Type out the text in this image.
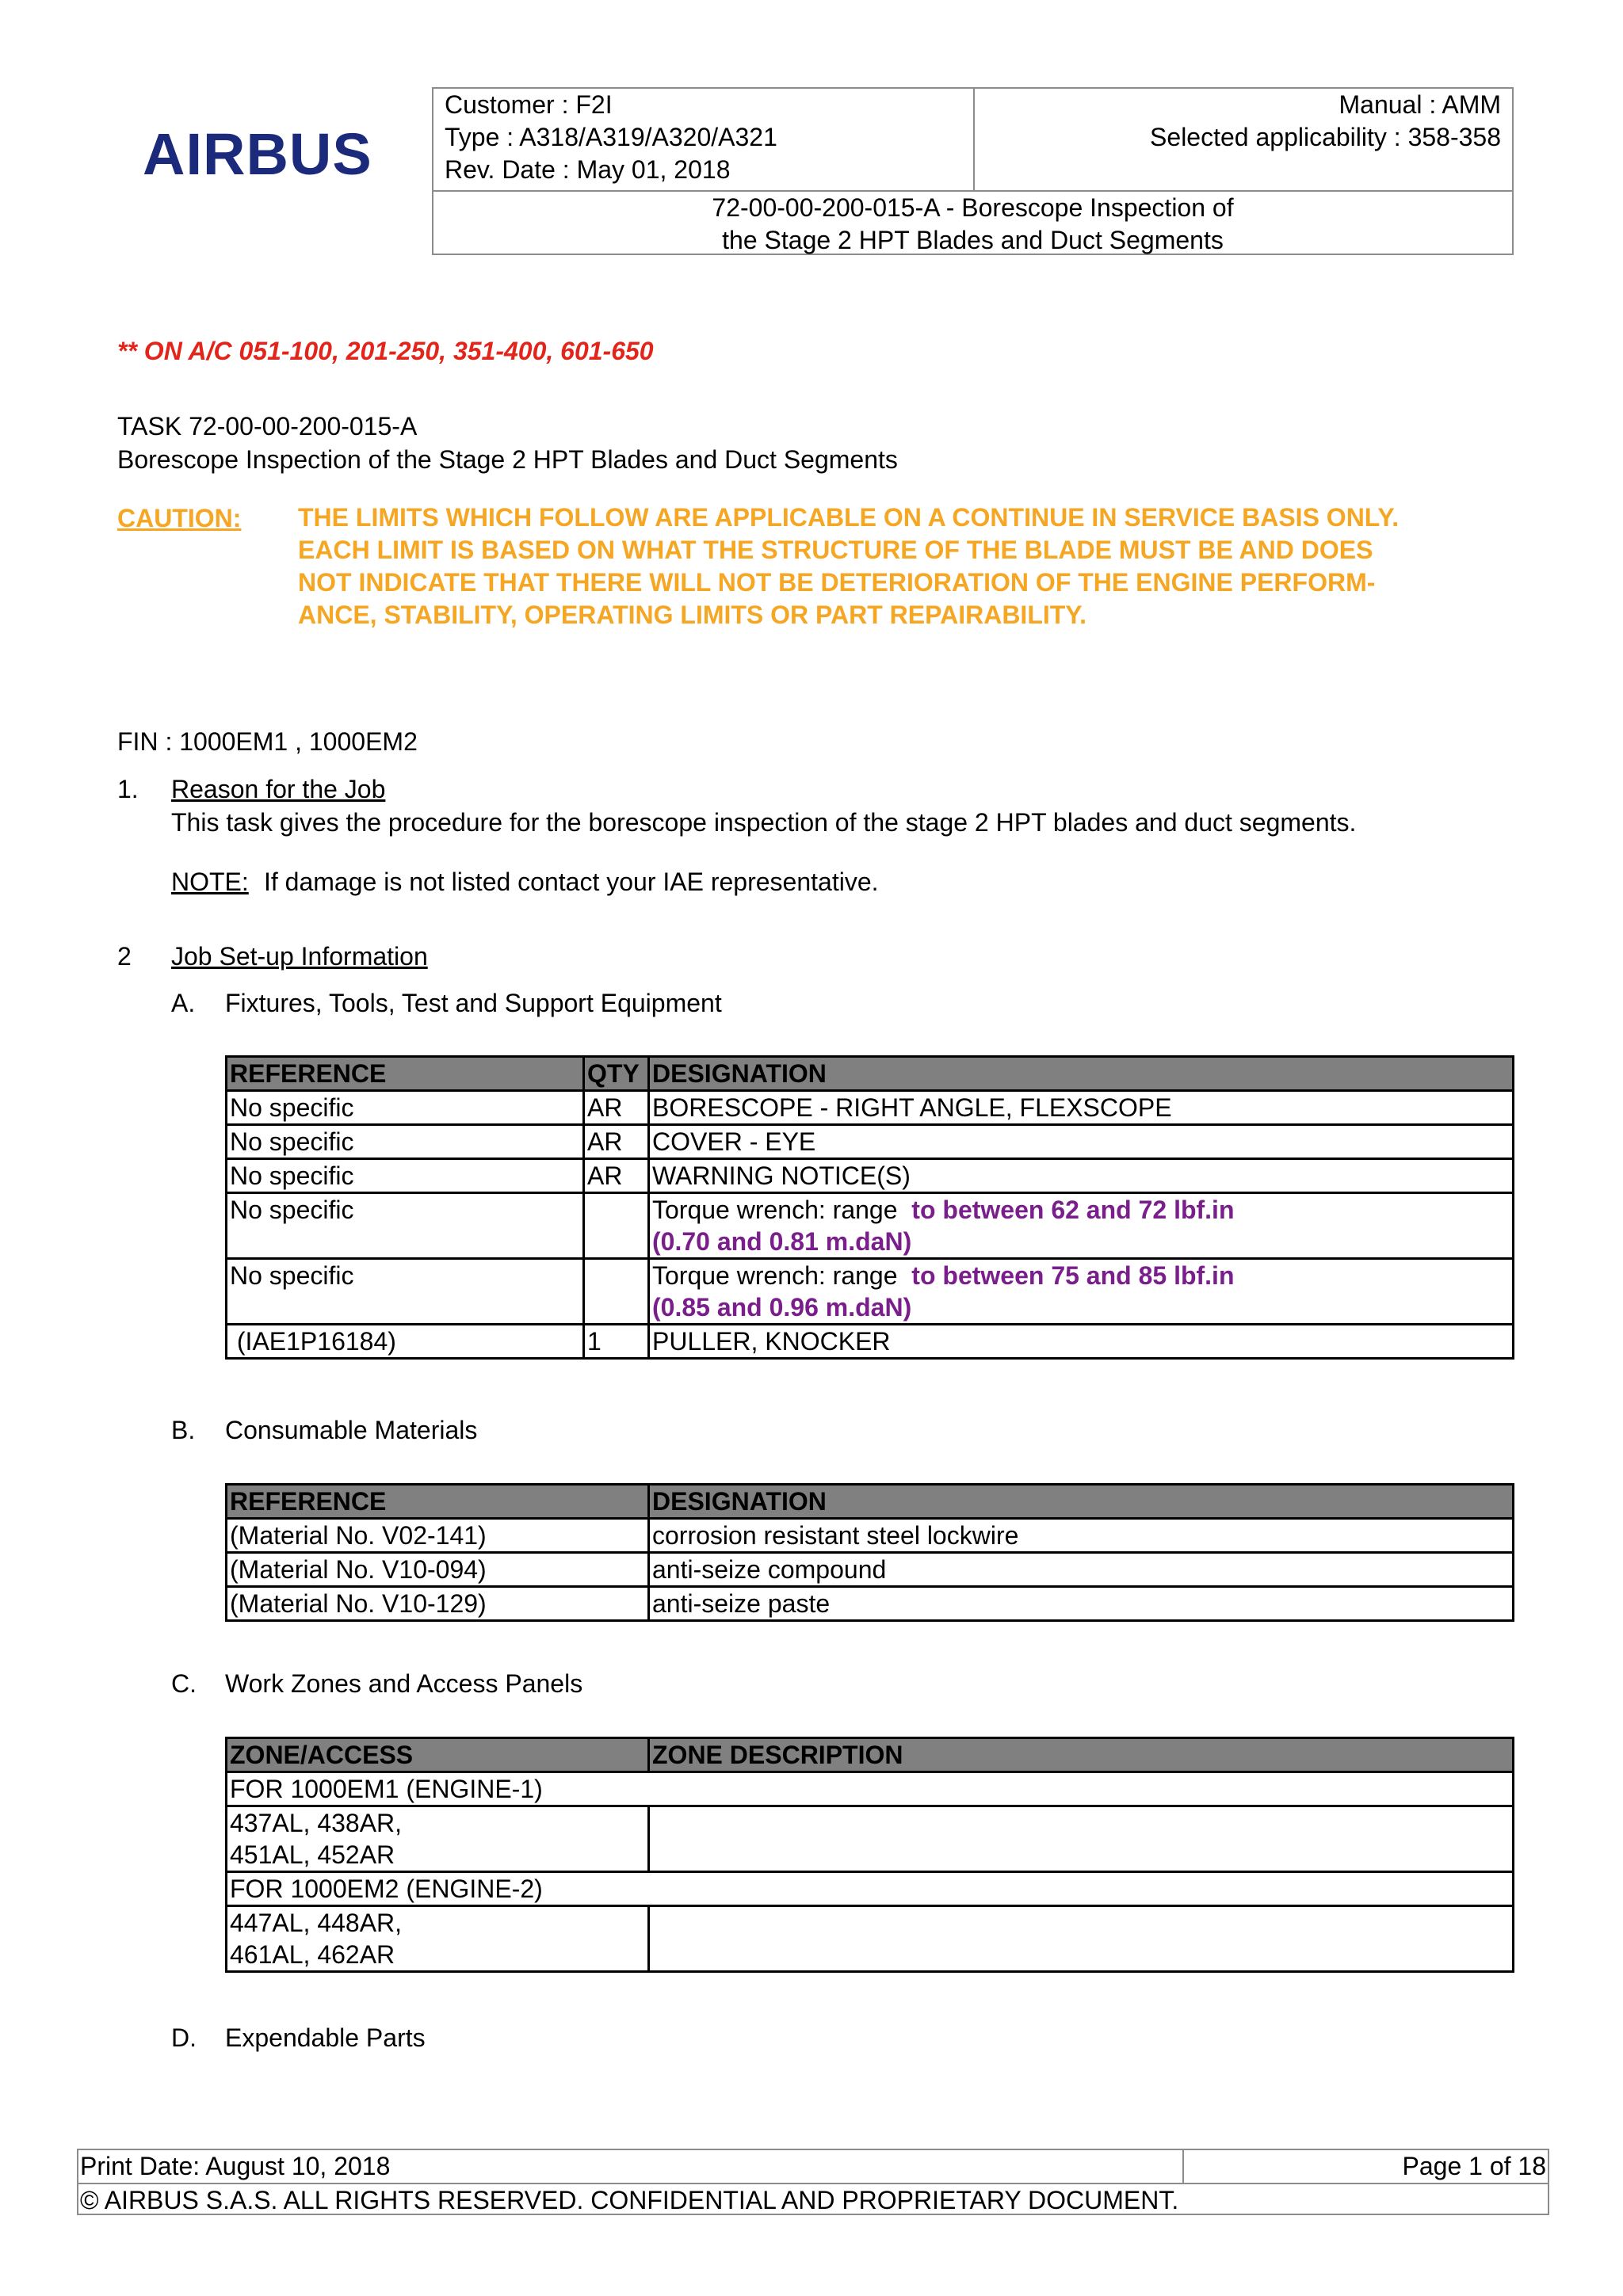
AIRBUS
Customer : F2I
Type : A318/A319/A320/A321
Rev. Date : May 01, 2018
Manual : AMM
Selected applicability : 358-358
72-00-00-200-015-A - Borescope Inspection of
the Stage 2 HPT Blades and Duct Segments
** ON A/C 051-100, 201-250, 351-400, 601-650
TASK 72-00-00-200-015-A
Borescope Inspection of the Stage 2 HPT Blades and Duct Segments
CAUTION: THE LIMITS WHICH FOLLOW ARE APPLICABLE ON A CONTINUE IN SERVICE BASIS ONLY.
EACH LIMIT IS BASED ON WHAT THE STRUCTURE OF THE BLADE MUST BE AND DOES
NOT INDICATE THAT THERE WILL NOT BE DETERIORATION OF THE ENGINE PERFORM-
ANCE, STABILITY, OPERATING LIMITS OR PART REPAIRABILITY.
FIN : 1000EM1 , 1000EM2
1. Reason for the Job
This task gives the procedure for the borescope inspection of the stage 2 HPT blades and duct segments.
NOTE: If damage is not listed contact your IAE representative.
2 Job Set-up Information
A. Fixtures, Tools, Test and Support Equipment
REFERENCE	QTY	DESIGNATION
No specific	AR	BORESCOPE - RIGHT ANGLE, FLEXSCOPE
No specific	AR	COVER - EYE
No specific	AR	WARNING NOTICE(S)
No specific		Torque wrench: range to between 62 and 72 lbf.in
(0.70 and 0.81 m.daN)
No specific		Torque wrench: range to between 75 and 85 lbf.in
(0.85 and 0.96 m.daN)
(IAE1P16184)	1	PULLER, KNOCKER
B. Consumable Materials
REFERENCE	DESIGNATION
(Material No. V02-141)	corrosion resistant steel lockwire
(Material No. V10-094)	anti-seize compound
(Material No. V10-129)	anti-seize paste
C. Work Zones and Access Panels
ZONE/ACCESS	ZONE DESCRIPTION
FOR 1000EM1 (ENGINE-1)	

437AL, 438AR,
451AL, 452AR	

FOR 1000EM2 (ENGINE-2)	

447AL, 448AR,
461AL, 462AR	

D. Expendable Parts
Print Date: August 10, 2018	Page 1 of 18
© AIRBUS S.A.S. ALL RIGHTS RESERVED. CONFIDENTIAL AND PROPRIETARY DOCUMENT.
